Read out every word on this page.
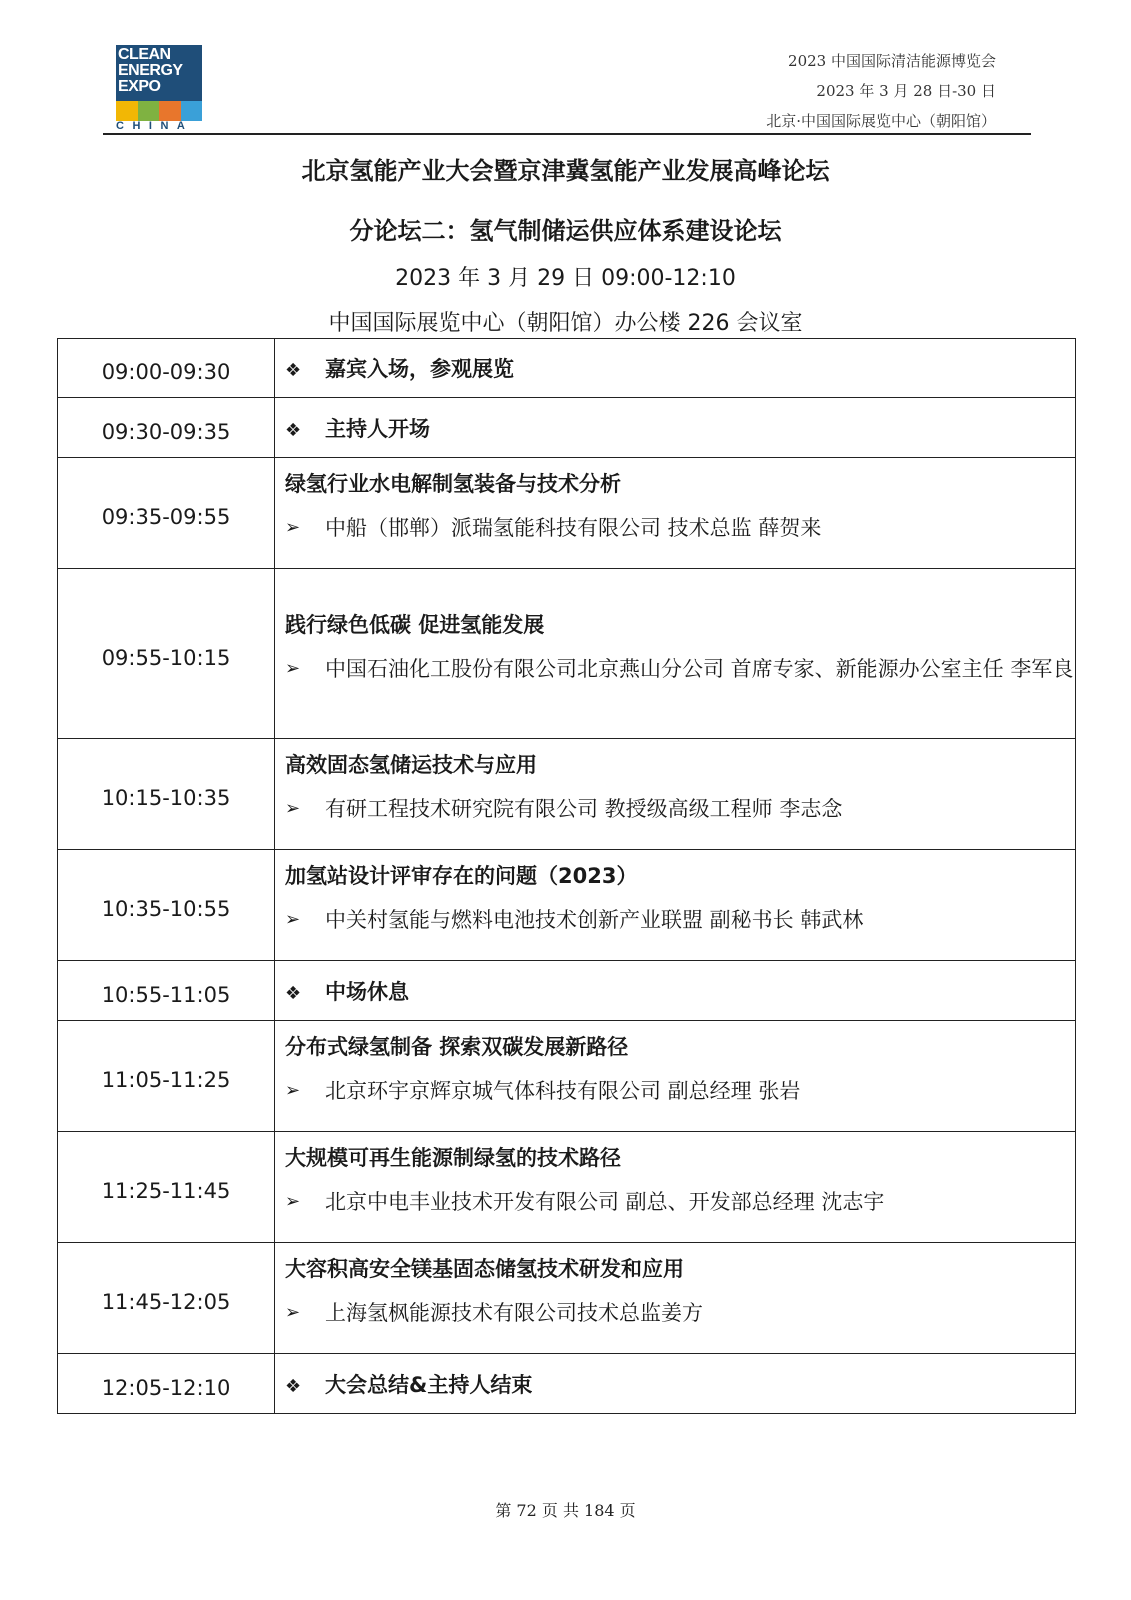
CLEAN
ENERGY
EXPO
CHINA
2023 中国国际清洁能源博览会
2023 年 3 月 28 日-30 日
北京·中国国际展览中心（朝阳馆）
北京氢能产业大会暨京津冀氢能产业发展高峰论坛
分论坛二：氢气制储运供应体系建设论坛
2023 年 3 月 29 日 09:00-12:10
中国国际展览中心（朝阳馆）办公楼 226 会议室
09:00-09:30	❖ 嘉宾入场，参观展览
09:30-09:35	❖ 主持人开场
09:35-09:55	绿氢行业水电解制氢装备与技术分析
➢ 中船（邯郸）派瑞氢能科技有限公司 技术总监 薛贺来

09:55-10:15	践行绿色低碳 促进氢能发展
➢ 中国石油化工股份有限公司北京燕山分公司 首席专家、新能源办公室主任 李军良

10:15-10:35	高效固态氢储运技术与应用
➢ 有研工程技术研究院有限公司 教授级高级工程师 李志念

10:35-10:55	加氢站设计评审存在的问题（2023）
➢ 中关村氢能与燃料电池技术创新产业联盟 副秘书长 韩武林

10:55-11:05	❖ 中场休息
11:05-11:25	分布式绿氢制备 探索双碳发展新路径
➢ 北京环宇京辉京城气体科技有限公司 副总经理 张岩

11:25-11:45	大规模可再生能源制绿氢的技术路径
➢ 北京中电丰业技术开发有限公司 副总、开发部总经理 沈志宇

11:45-12:05	大容积高安全镁基固态储氢技术研发和应用
➢ 上海氢枫能源技术有限公司技术总监姜方

12:05-12:10	❖ 大会总结&主持人结束
第 72 页 共 184 页
